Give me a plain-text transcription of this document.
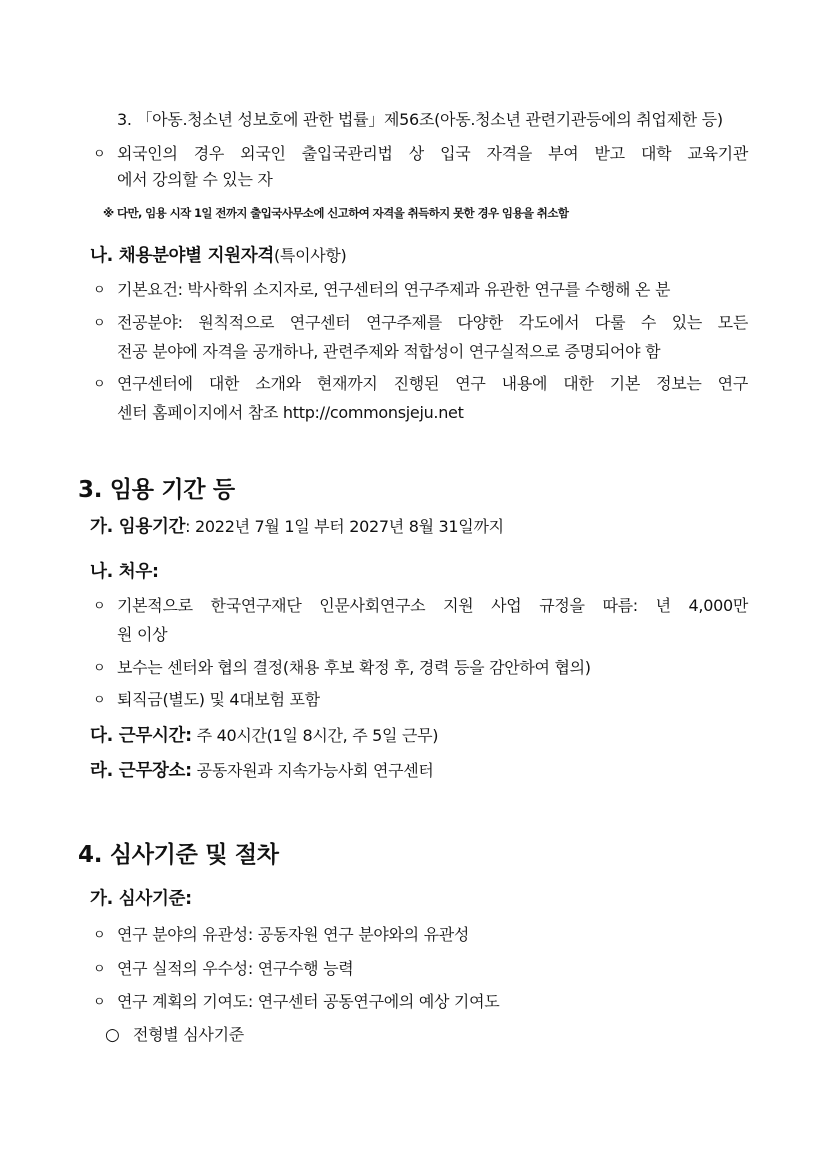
3. 「아동.청소년 성보호에 관한 법률」제56조(아동.청소년 관련기관등에의 취업제한 등)
ㅇ 외국인의 경우 외국인 출입국관리법 상 입국 자격을 부여 받고 대학 교육기관
에서 강의할 수 있는 자
※ 다만, 임용 시작 1일 전까지 출입국사무소에 신고하여 자격을 취득하지 못한 경우 임용을 취소함
나. 채용분야별 지원자격(특이사항)
ㅇ 기본요건: 박사학위 소지자로, 연구센터의 연구주제과 유관한 연구를 수행해 온 분
ㅇ 전공분야: 원칙적으로 연구센터 연구주제를 다양한 각도에서 다룰 수 있는 모든
전공 분야에 자격을 공개하나, 관련주제와 적합성이 연구실적으로 증명되어야 함
ㅇ 연구센터에 대한 소개와 현재까지 진행된 연구 내용에 대한 기본 정보는 연구
센터 홈페이지에서 참조 http://commonsjeju.net
3. 임용 기간 등
가. 임용기간: 2022년 7월 1일 부터 2027년 8월 31일까지
나. 처우:
ㅇ 기본적으로 한국연구재단 인문사회연구소 지원 사업 규정을 따름: 년 4,000만
원 이상
ㅇ 보수는 센터와 협의 결정(채용 후보 확정 후, 경력 등을 감안하여 협의)
ㅇ 퇴직금(별도) 및 4대보험 포함
다. 근무시간: 주 40시간(1일 8시간, 주 5일 근무)
라. 근무장소: 공동자원과 지속가능사회 연구센터
4. 심사기준 및 절차
가. 심사기준:
ㅇ 연구 분야의 유관성: 공동자원 연구 분야와의 유관성
ㅇ 연구 실적의 우수성: 연구수행 능력
ㅇ 연구 계획의 기여도: 연구센터 공동연구에의 예상 기여도
○ 전형별 심사기준
